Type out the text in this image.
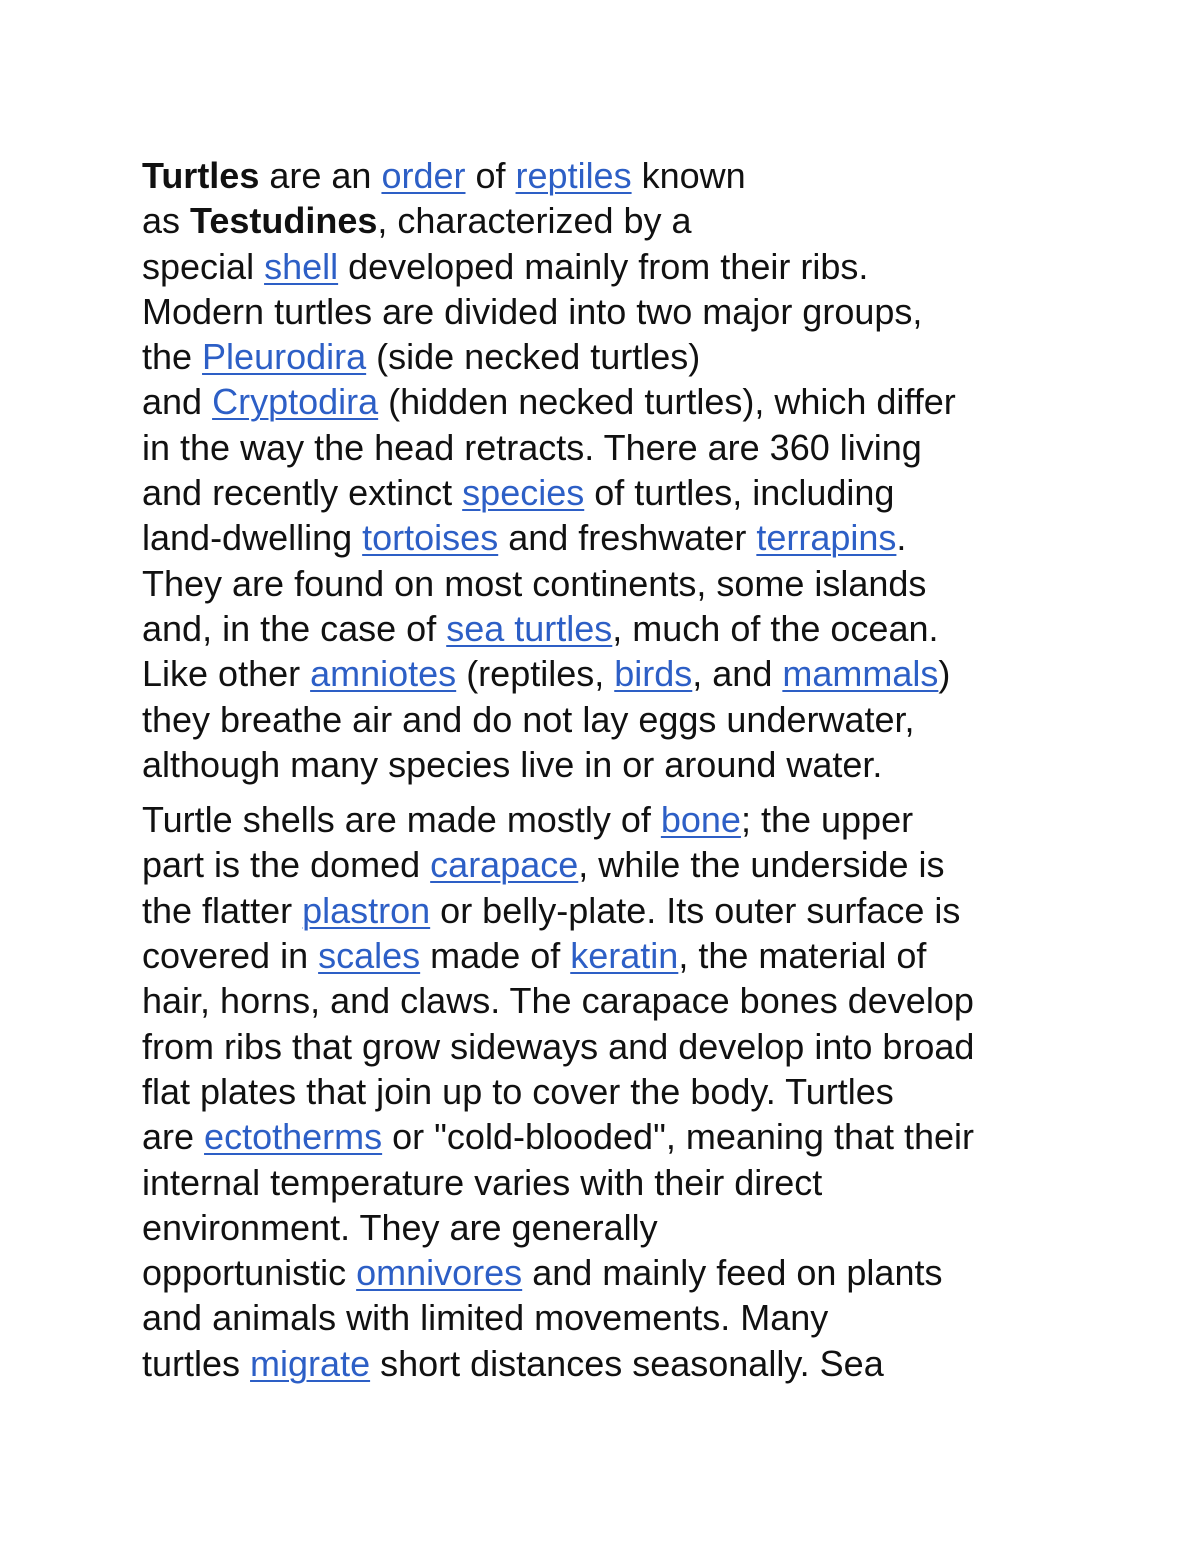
Turtles are an order of reptiles known
as Testudines, characterized by a
special shell developed mainly from their ribs.
Modern turtles are divided into two major groups,
the Pleurodira (side necked turtles)
and Cryptodira (hidden necked turtles), which differ
in the way the head retracts. There are 360 living
and recently extinct species of turtles, including
land-dwelling tortoises and freshwater terrapins.
They are found on most continents, some islands
and, in the case of sea turtles, much of the ocean.
Like other amniotes (reptiles, birds, and mammals)
they breathe air and do not lay eggs underwater,
although many species live in or around water.
Turtle shells are made mostly of bone; the upper
part is the domed carapace, while the underside is
the flatter plastron or belly-plate. Its outer surface is
covered in scales made of keratin, the material of
hair, horns, and claws. The carapace bones develop
from ribs that grow sideways and develop into broad
flat plates that join up to cover the body. Turtles
are ectotherms or "cold-blooded", meaning that their
internal temperature varies with their direct
environment. They are generally
opportunistic omnivores and mainly feed on plants
and animals with limited movements. Many
turtles migrate short distances seasonally. Sea
